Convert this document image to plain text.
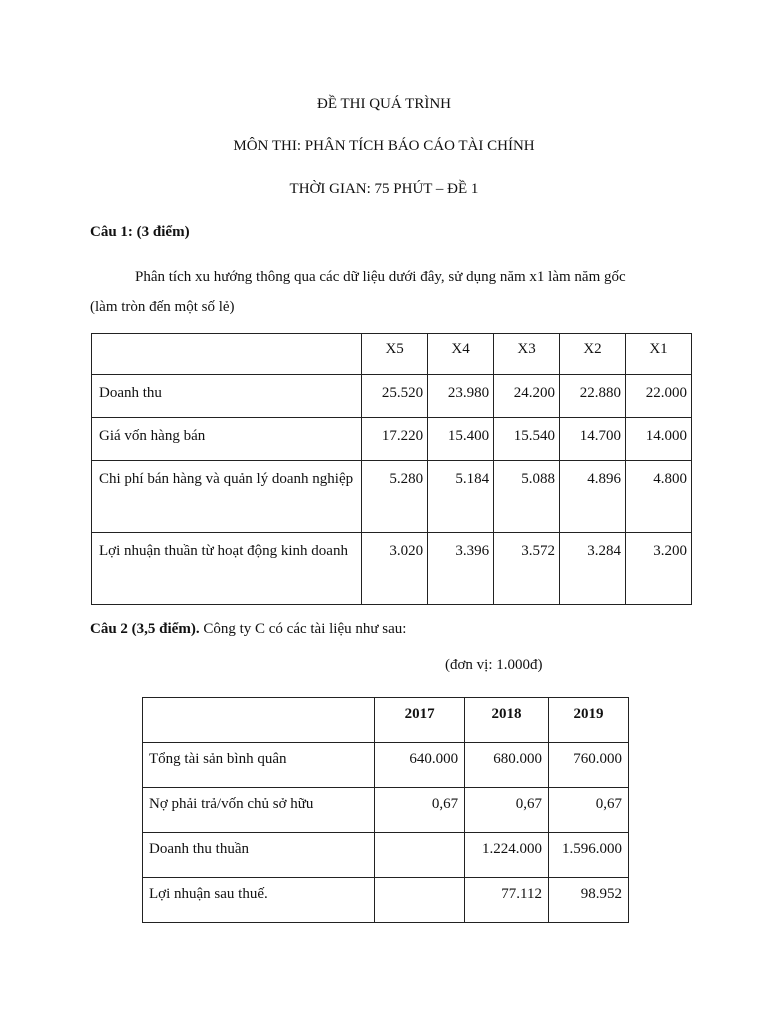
ĐỀ THI QUÁ TRÌNH
MÔN THI: PHÂN TÍCH BÁO CÁO TÀI CHÍNH
THỜI GIAN: 75 PHÚT – ĐỀ 1
Câu 1: (3 điểm)
Phân tích xu hướng thông qua các dữ liệu dưới đây, sử dụng năm x1 làm năm gốc
(làm tròn đến một số lẻ)
	X5	X4	X3	X2	X1
Doanh thu	25.520	23.980	24.200	22.880	22.000
Giá vốn hàng bán	17.220	15.400	15.540	14.700	14.000
Chi phí bán hàng và quản lý doanh nghiệp	5.280	5.184	5.088	4.896	4.800
Lợi nhuận thuần từ hoạt động kinh doanh	3.020	3.396	3.572	3.284	3.200
Câu 2 (3,5 điểm). Công ty C có các tài liệu như sau:
(đơn vị: 1.000đ)
	2017	2018	2019
Tổng tài sản bình quân	640.000	680.000	760.000
Nợ phải trả/vốn chủ sở hữu	0,67	0,67	0,67
Doanh thu thuần		1.224.000	1.596.000
Lợi nhuận sau thuế.		77.112	98.952
